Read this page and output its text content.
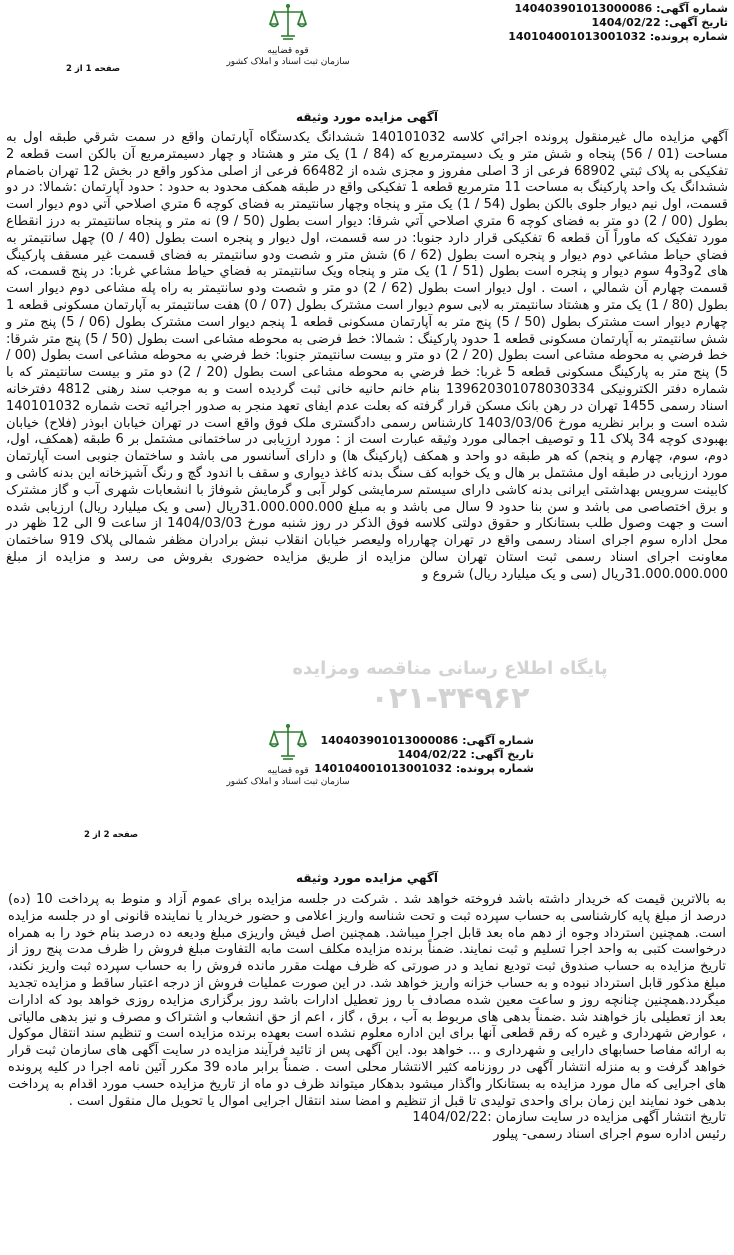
شماره آگهی: 140403901013000086
تاریخ آگهی: 1404/02/22
شماره پرونده: 140104001013001032
قوه قضاییه
سازمان ثبت اسناد و املاک کشور
صفحه 1 از 2
آگهی مزایده مورد وثیقه

آگهي مزايده مال غيرمنقول پرونده اجرائي كلاسه 140101032 ششدانگ يكدستگاه آپارتمان واقع در سمت شرقي طبقه اول به مساحت (01 / 56) پنجاه و شش متر و يک دسيمترمربع كه (84 / 1) یک متر و هشتاد و چهار دسیمترمربع آن بالکن است قطعه 2 تفکیکی به پلاک ثبتي 68902 فرعی از 3 اصلی مفروز و مجزی شده از 66482 فرعی از اصلی مذکور واقع در بخش 12 تهران باضمام ششدانگ یک واحد پارکینگ به مساحت 11 مترمربع قطعه 1 تفکیکی واقع در طبقه همکف محدود به حدود : حدود آپارتمان :شمالا: در دو قسمت، اول نیم دیوار جلوی بالکن بطول (54 / 1) یک متر و پنجاه وچهار سانتیمتر به فضای کوچه 6 متري اصلاحي آتي دوم دیوار است بطول (00 / 2) دو متر به فضای کوچه 6 متري اصلاحي آتي شرقا: دیوار است بطول (50 / 9) نه متر و پنجاه سانتیمتر به درز انقطاع مورد تفکیک که ماوراً آن قطعه 6 تفکیکی قرار دارد جنوبا: در سه قسمت، اول دیوار و پنجره است بطول (40 / 0) چهل سانتیمتر به فضاي حياط مشاعي دوم دیوار و پنجره است بطول (62 / 6) شش متر و شصت ودو سانتیمتر به فضای قسمت غیر مسقف پارکینگ های 2و3و4 سوم دیوار و پنجره است بطول (51 / 1) یک متر و پنجاه ویک سانتیمتر به فضاي حياط مشاعي غربا: در پنج قسمت، که قسمت چهارم آن شمالي ، است . اول دیوار است بطول (62 / 2) دو متر و شصت ودو سانتیمتر به راه پله مشاعی دوم دیوار است بطول (80 / 1) یک متر و هشتاد سانتیمتر به لابی سوم دیوار است مشترک بطول (07 / 0) هفت سانتیمتر به آپارتمان مسکونی قطعه 1 چهارم دیوار است مشترک بطول (50 / 5) پنج متر به آپارتمان مسکونی قطعه 1 پنجم دیوار است مشترک بطول (06 / 5) پنج متر و شش سانتیمتر به آپارتمان مسکونی قطعه 1 حدود پارکینگ : شمالا: خط فرضی به محوطه مشاعی است بطول (50 / 5) پنج متر شرقا: خط فرضي به محوطه مشاعی است بطول (20 / 2) دو متر و بیست سانتیمتر جنوبا: خط فرضي به محوطه مشاعی است بطول (00 / 5) پنج متر به پارکینگ مسکونی قطعه 5 غربا: خط فرضي به محوطه مشاعی است بطول (20 / 2) دو متر و بیست سانتیمتر که با شماره دفتر الکترونیکی 139620301078030334 بنام خانم حانیه خانی ثبت گردیده است و به موجب سند رهنی 4812 دفترخانه اسناد رسمی 1455 تهران در رهن بانک مسکن قرار گرفته که بعلت عدم ایفای تعهد منجر به صدور اجرائیه تحت شماره 140101032 شده است و برابر نظریه مورخ 1403/03/06 کارشناس رسمی دادگستری ملک فوق واقع است در تهران خیابان ابوذر (فلاح) خیابان بهبودی کوچه 34 پلاک 11 و توصیف اجمالی مورد وثیقه عبارت است از : مورد ارزیابی در ساختمانی مشتمل بر 6 طبقه (همکف، اول، دوم، سوم، چهارم و پنجم) که هر طبقه دو واحد و همکف (پارکینگ ها) و دارای آسانسور می باشد و ساختمان جنوبی است آپارتمان مورد ارزیابی در طبقه اول مشتمل بر هال و یک خوابه کف سنگ بدنه کاغذ دیواری و سقف با اندود گچ و رنگ آشپزخانه این بدنه کاشی و کابینت سرویس بهداشتی ایرانی بدنه کاشی دارای سیستم سرمایشی کولر آبی و گرمایش شوفاژ با انشعابات شهری آب و گاز مشترک و برق اختصاصی می باشد و سن بنا حدود 9 سال می باشد و به مبلغ 31.000.000.000ریال (سی و یک میلیارد ریال) ارزیابی شده است و جهت وصول طلب بستانکار و حقوق دولتی کلاسه فوق الذکر در روز شنبه مورخ 1404/03/03 از ساعت 9 الی 12 ظهر در محل اداره سوم اجرای اسناد رسمی واقع در تهران چهارراه ولیعصر خیابان انقلاب نبش برادران مظفر شمالی پلاک 919 ساختمان معاونت اجرای اسناد رسمی ثبت استان تهران سالن مزایده از طریق مزایده حضوری بفروش می رسد و مزایده از مبلغ 31.000.000.000ریال (سی و یک میلیارد ریال) شروع و

پایگاه اطلاع رسانی مناقصه ومزایده
۰۲۱-۳۴۹۶۲
شماره آگهی: 140403901013000086
تاریخ آگهی: 1404/02/22
شماره پرونده: 140104001013001032
قوه قضاییه
سازمان ثبت اسناد و املاک کشور
صفحه 2 از 2
آگهي مزايده مورد وثيقه

به بالاترین قیمت که خریدار داشته باشد فروخته خواهد شد . شرکت در جلسه مزایده برای عموم آزاد و منوط به پرداخت 10 (ده) درصد از مبلغ پایه کارشناسی به حساب سپرده ثبت و تحت شناسه واریز اعلامی و حضور خریدار یا نماینده قانونی او در جلسه مزایده است. همچنین استرداد وجوه از دهم ماه بعد قابل اجرا میباشد. همچنین اصل فیش واریزی مبلغ ودیعه ده درصد بنام خود را به همراه درخواست کتبی به واحد اجرا تسلیم و ثبت نمایند. ضمناً برنده مزایده مکلف است مابه التفاوت مبلغ فروش را ظرف مدت پنج روز از تاریخ مزایده به حساب صندوق ثبت تودیع نماید و در صورتی که ظرف مهلت مقرر مانده فروش را به حساب سپرده ثبت واریز نکند، مبلغ مذکور قابل استرداد نبوده و به حساب خزانه واریز خواهد شد. در این صورت عملیات فروش از درجه اعتبار ساقط و مزایده تجدید میگردد.همچنین چنانچه روز و ساعت معین شده مصادف با روز تعطیل ادارات باشد روز برگزاری مزایده روزی خواهد بود که ادارات بعد از تعطیلی باز خواهند شد .ضمناً بدهی های مربوط به آب ، برق ، گاز ، اعم از حق انشعاب و اشتراک و مصرف و نیز بدهی مالیاتی ، عوارض شهرداری و غیره که رقم قطعی آنها برای این اداره معلوم نشده است بعهده برنده مزایده است و تنظیم سند انتقال موکول به ارائه مفاصا حسابهای دارایی و شهرداری و ... خواهد بود. این آگهی پس از تائید فرآیند مزایده در سایت آگهی های سازمان ثبت قرار خواهد گرفت و به منزله انتشار آگهی در روزنامه کثیر الانتشار محلی است . ضمناً برابر ماده 39 مکرر آئین نامه اجرا در کلیه پرونده های اجرایی که مال مورد مزایده به بستانکار واگذار میشود بدهکار میتواند ظرف دو ماه از تاریخ مزایده حسب مورد اقدام به پرداخت بدهی خود نمایند این زمان برای واحدی تولیدی تا قبل از تنظیم و امضا سند انتقال اجرایی اموال یا تحویل مال منقول است .

تاریخ انتشار آگهی مزایده در سایت سازمان :1404/02/22

رئیس اداره سوم اجرای اسناد رسمی- پیلور
